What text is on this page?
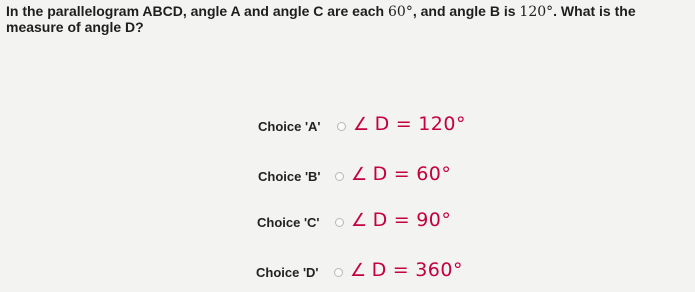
In the parallelogram ABCD, angle A and angle C are each 60°, and angle B is 120°. What is the measure of angle D?
Choice 'A' ∠ D = 120°
Choice 'B' ∠ D = 60°
Choice 'C' ∠ D = 90°
Choice 'D' ∠ D = 360°
